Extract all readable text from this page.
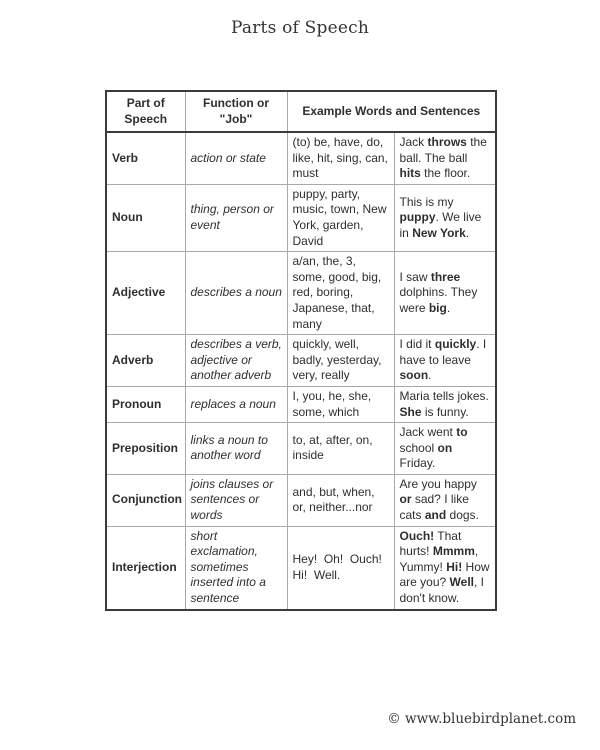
Parts of Speech
Part of Speech	Function or "Job"	Example Words and Sentences	
Verb	action or state	(to) be, have, do, like, hit, sing, can, must	Jack throws the ball. The ball hits the floor.
Noun	thing, person or event	puppy, party, music, town, New York, garden, David	This is my puppy. We live in New York.
Adjective	describes a noun	a/an, the, 3, some, good, big, red, boring, Japanese, that, many	I saw three dolphins. They were big.
Adverb	describes a verb, adjective or another adverb	quickly, well, badly, yesterday, very, really	I did it quickly. I have to leave soon.
Pronoun	replaces a noun	I, you, he, she, some, which	Maria tells jokes. She is funny.
Preposition	links a noun to another word	to, at, after, on, inside	Jack went to school on Friday.
Conjunction	joins clauses or sentences or words	and, but, when, or, neither...nor	Are you happy or sad? I like cats and dogs.
Interjection	short exclamation, sometimes inserted into a sentence	Hey!  Oh!  Ouch!  Hi!  Well.	Ouch! That hurts! Mmmm, Yummy! Hi! How are you? Well, I don't know.
© www.bluebirdplanet.com
